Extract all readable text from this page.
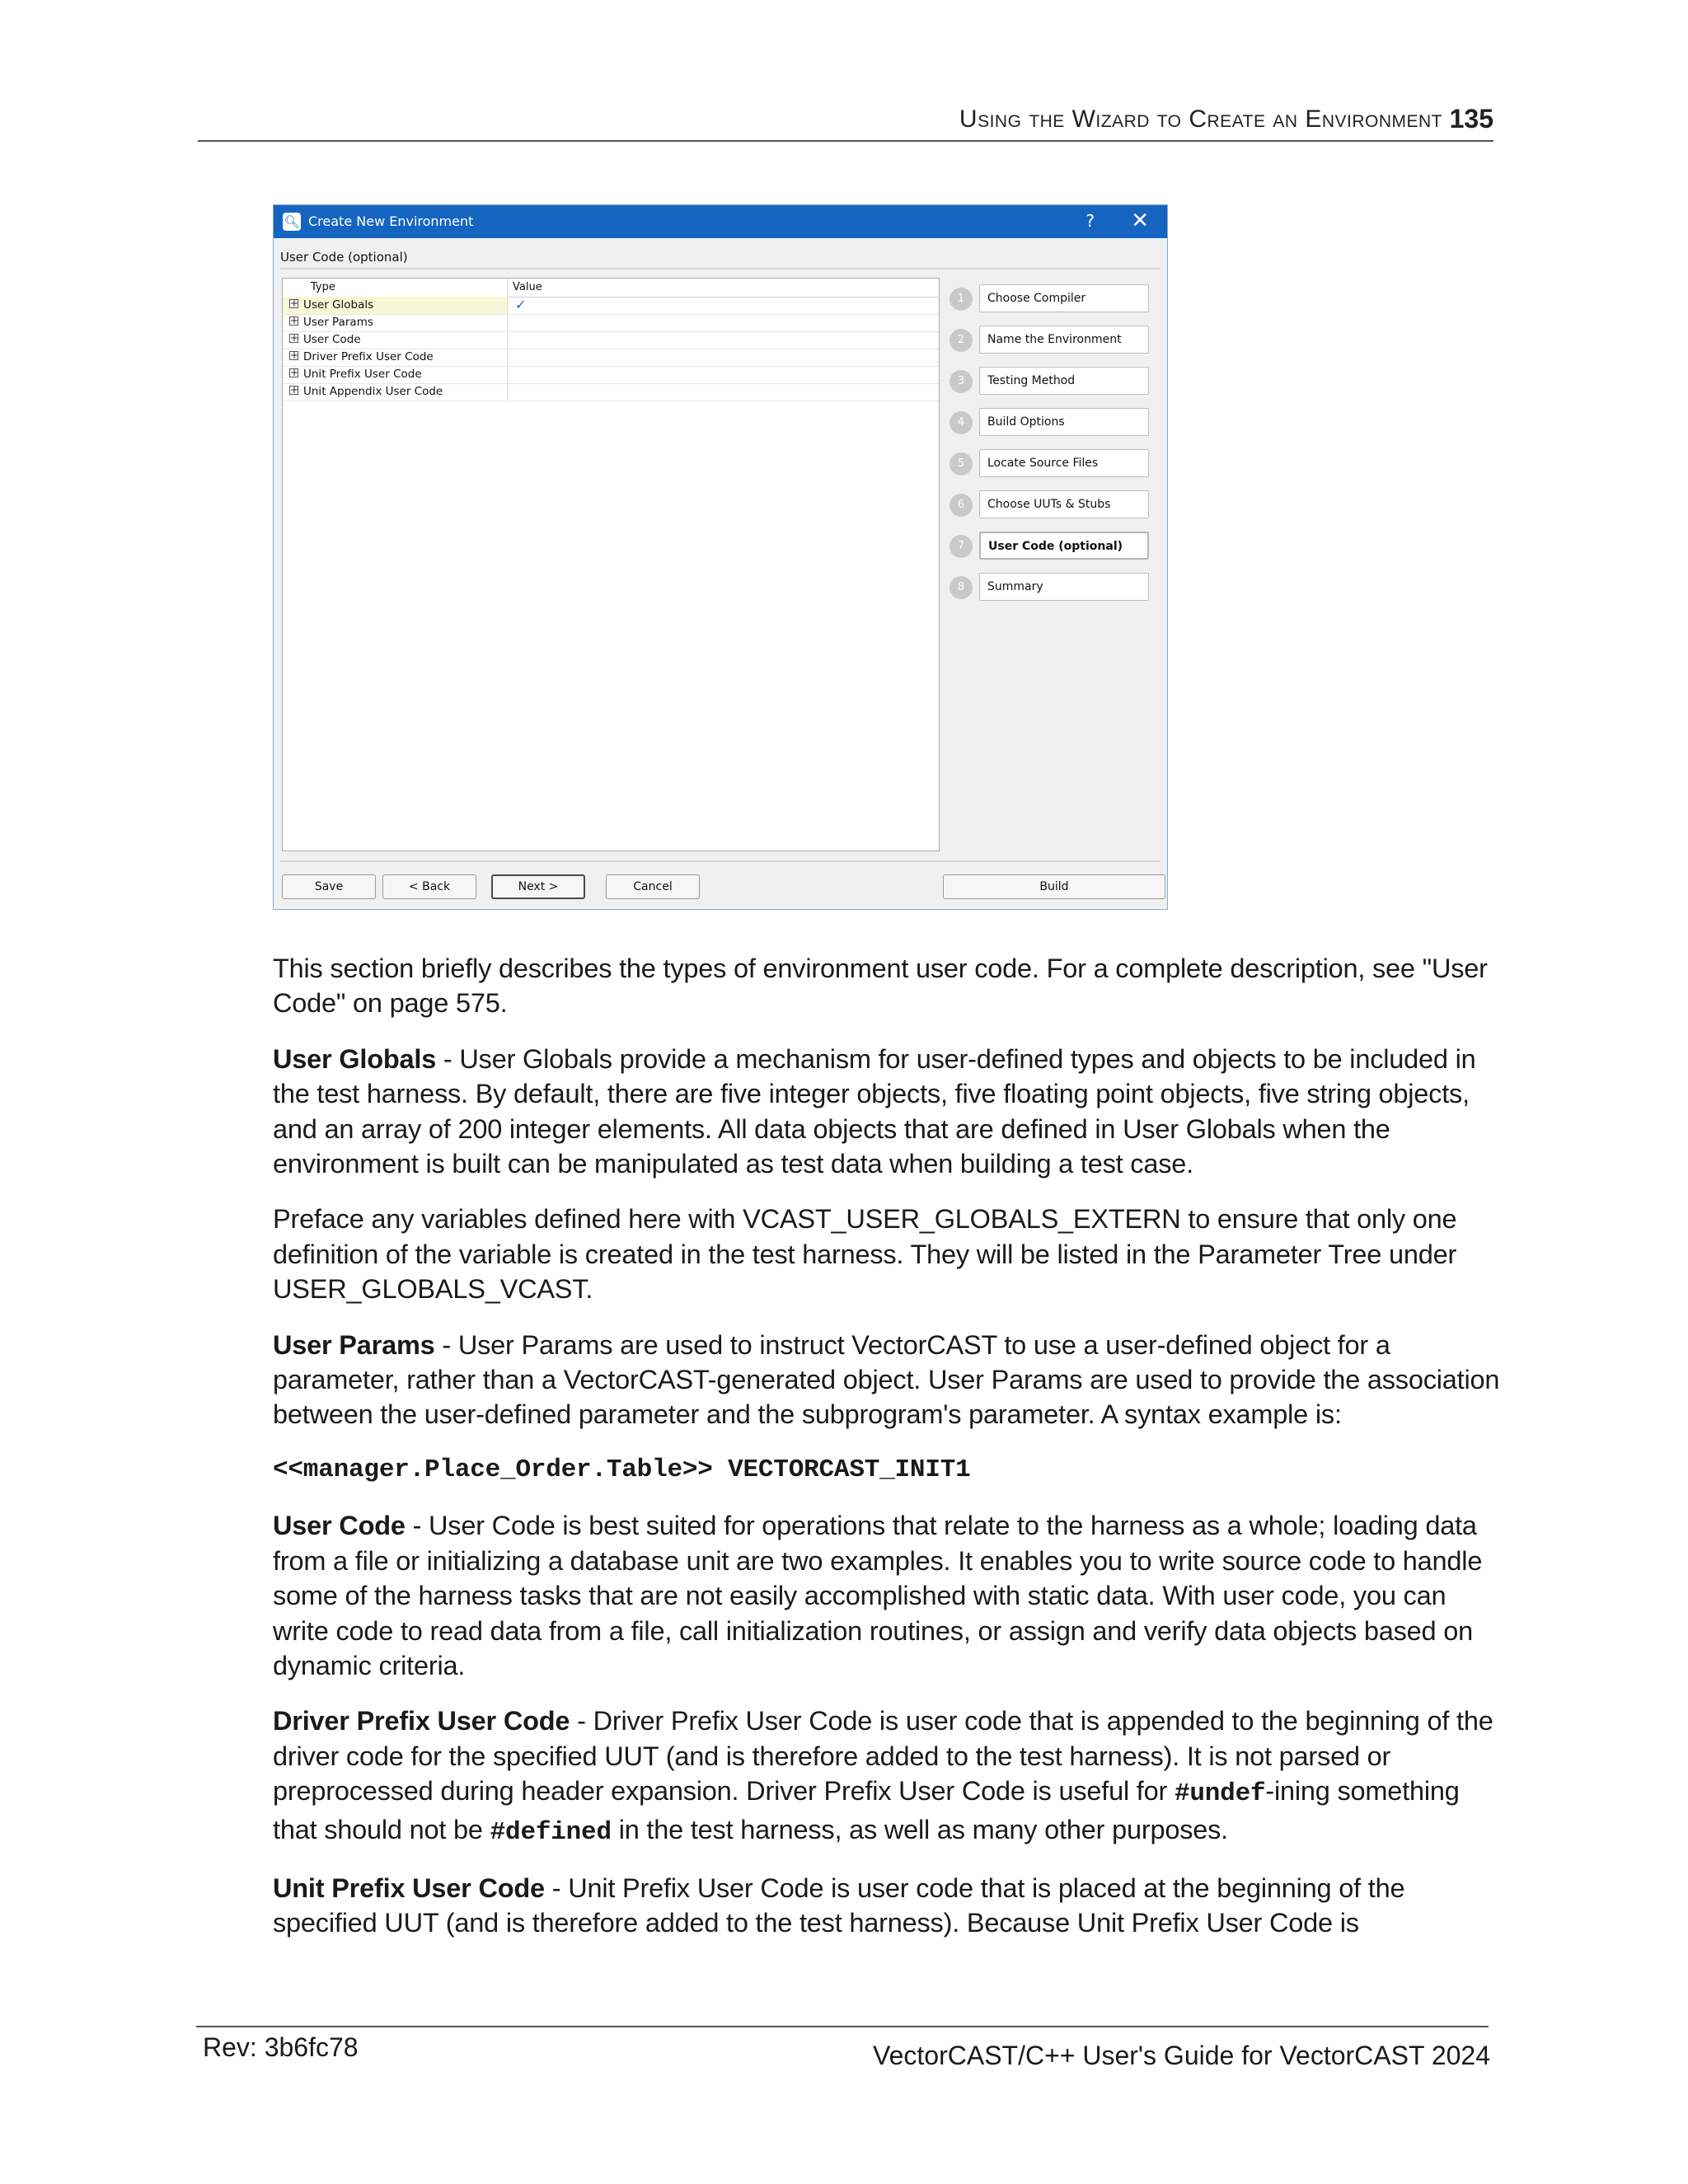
Using the Wizard to Create an Environment 135
🔍︎ Create New Environment	? ✕
User Code (optional)
Type	Value
+ User Globals	✓
+ User Params
+ User Code
+ Driver Prefix User Code
+ Unit Prefix User Code
+ Unit Appendix User Code
1	Choose Compiler
2	Name the Environment
3	Testing Method
4	Build Options
5	Locate Source Files
6	Choose UUTs & Stubs
7	User Code (optional)
8	Summary
Save	< Back	Next >	Cancel	Build

This section briefly describes the types of environment user code. For a complete description, see "User Code" on page 575.

User Globals - User Globals provide a mechanism for user-defined types and objects to be included in the test harness. By default, there are five integer objects, five floating point objects, five string objects, and an array of 200 integer elements. All data objects that are defined in User Globals when the environment is built can be manipulated as test data when building a test case.

Preface any variables defined here with VCAST_USER_GLOBALS_EXTERN to ensure that only one definition of the variable is created in the test harness. They will be listed in the Parameter Tree under USER_GLOBALS_VCAST.

User Params - User Params are used to instruct VectorCAST to use a user-defined object for a parameter, rather than a VectorCAST-generated object. User Params are used to provide the association between the user-defined parameter and the subprogram's parameter. A syntax example is:

<<manager.Place_Order.Table>> VECTORCAST_INIT1

User Code - User Code is best suited for operations that relate to the harness as a whole; loading data from a file or initializing a database unit are two examples. It enables you to write source code to handle some of the harness tasks that are not easily accomplished with static data. With user code, you can write code to read data from a file, call initialization routines, or assign and verify data objects based on dynamic criteria.

Driver Prefix User Code - Driver Prefix User Code is user code that is appended to the beginning of the driver code for the specified UUT (and is therefore added to the test harness). It is not parsed or preprocessed during header expansion. Driver Prefix User Code is useful for #undef-ining something that should not be #defined in the test harness, as well as many other purposes.

Unit Prefix User Code - Unit Prefix User Code is user code that is placed at the beginning of the specified UUT (and is therefore added to the test harness). Because Unit Prefix User Code is

Rev: 3b6fc78	VectorCAST/C++ User's Guide for VectorCAST 2024
